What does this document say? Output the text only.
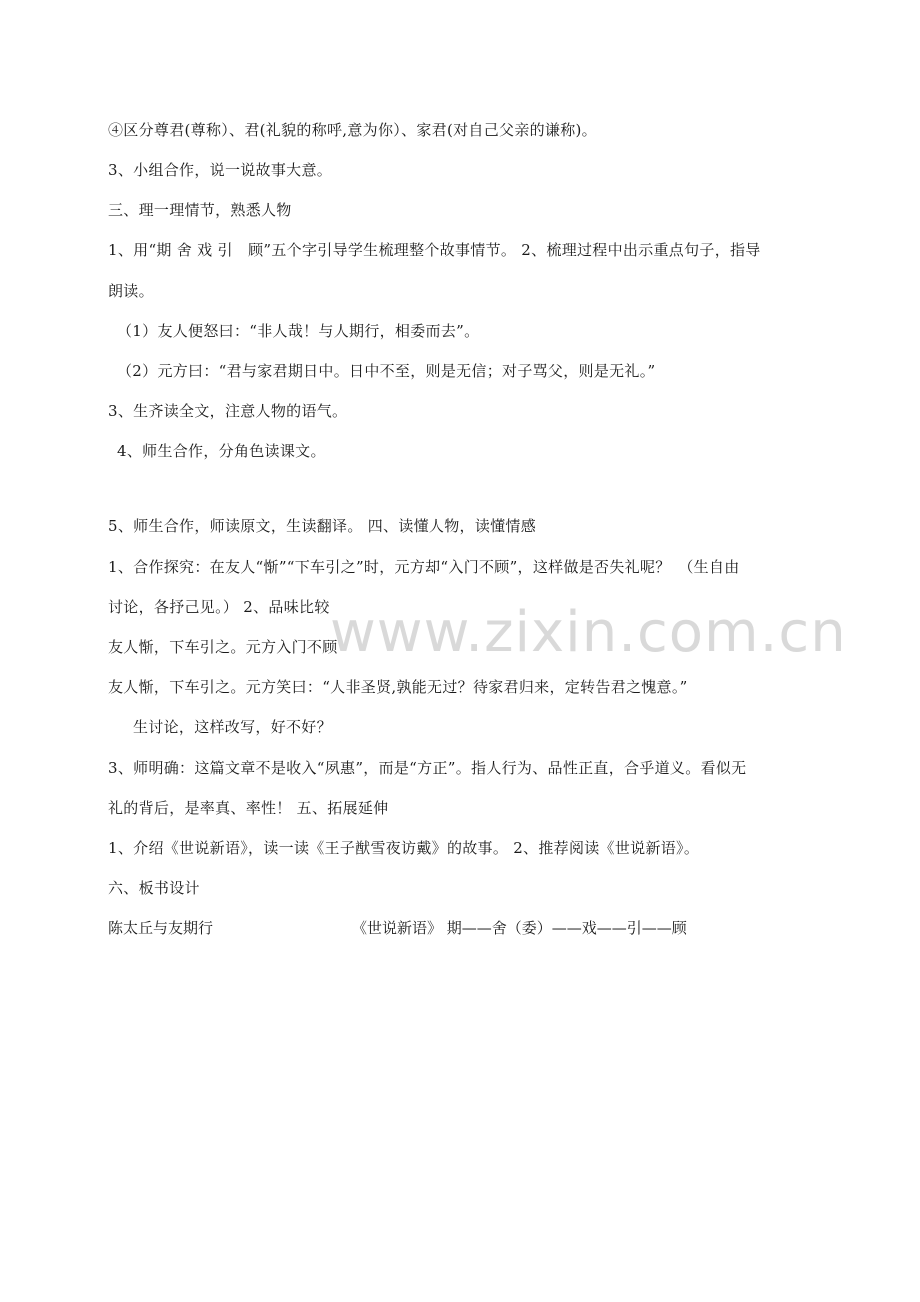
www.zixin.com.cn
④区分尊君(尊称）、君(礼貌的称呼,意为你）、家君(对自己父亲的谦称)。
3、小组合作，说一说故事大意。
三、理一理情节，熟悉人物
1、用“期 舍 戏 引　顾”五个字引导学生梳理整个故事情节。 2、梳理过程中出示重点句子，指导
朗读。
（1）友人便怒曰：“非人哉！与人期行，相委而去”。
（2）元方曰：“君与家君期日中。日中不至，则是无信；对子骂父，则是无礼。”
3、生齐读全文，注意人物的语气。
4、师生合作，分角色读课文。
5、师生合作，师读原文，生读翻译。 四、读懂人物，读懂情感
1、合作探究：在友人“惭”“下车引之”时，元方却“入门不顾”，这样做是否失礼呢？　（生自由
讨论，各抒己见。） 2、品味比较
友人惭，下车引之。元方入门不顾
友人惭，下车引之。元方笑曰：“人非圣贤,孰能无过？待家君归来，定转告君之愧意。”
生讨论，这样改写，好不好？
3、师明确：这篇文章不是收入“夙惠”，而是“方正”。指人行为、品性正直，合乎道义。看似无
礼的背后，是率真、率性！ 五、拓展延伸
1、介绍《世说新语》，读一读《王子猷雪夜访戴》的故事。 2、推荐阅读《世说新语》。
六、板书设计
陈太丘与友期行	《世说新语》 期——舍（委）——戏——引——顾
